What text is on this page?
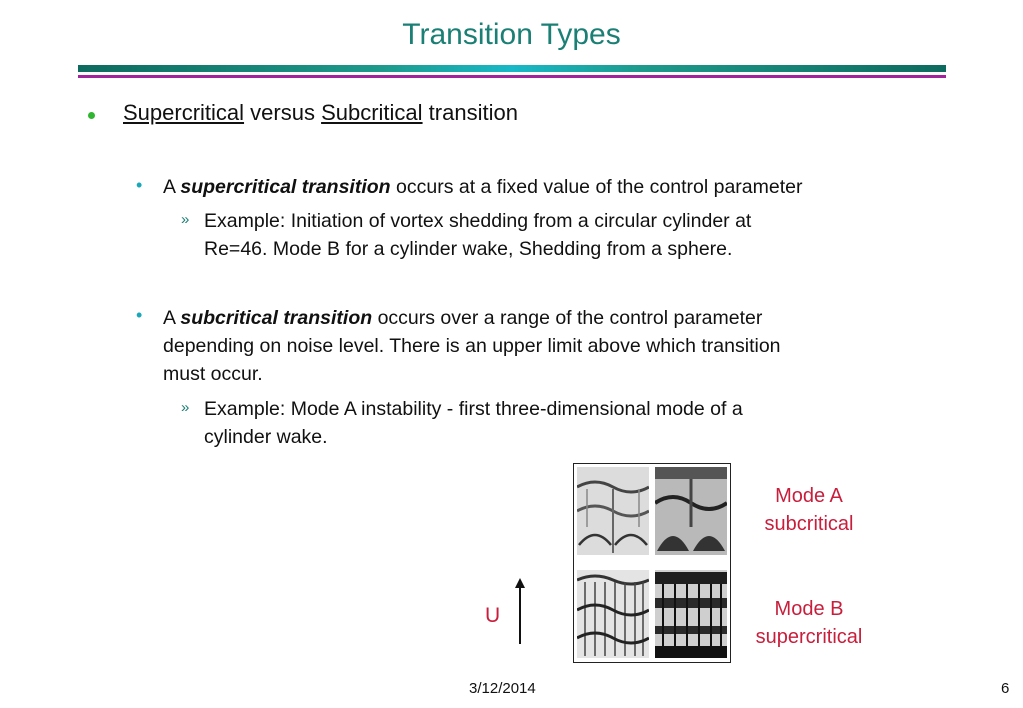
Transition Types
Supercritical versus Subcritical transition
• A supercritical transition occurs at a fixed value of the control parameter
» Example: Initiation of vortex shedding from a circular cylinder at
Re=46. Mode B for a cylinder wake, Shedding from a sphere.
• A subcritical transition occurs over a range of the control parameter
depending on noise level. There is an upper limit above which transition
must occur.
» Example: Mode A instability - first three-dimensional mode of a
cylinder wake.
Mode A
subcritical
Mode B
supercritical
U
3/12/2014	6
